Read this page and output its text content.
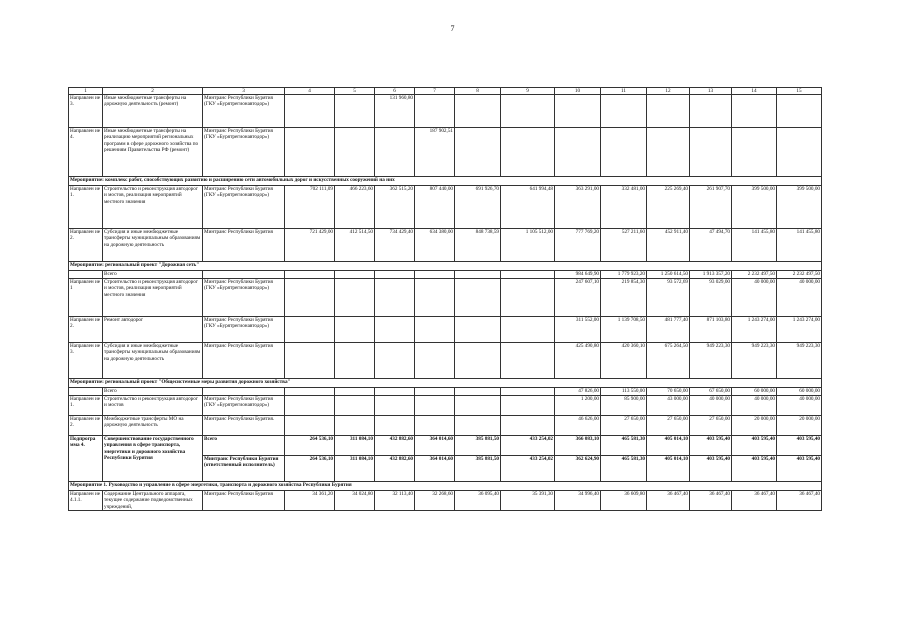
7
1	2	3	4	5	6	7	8	9	10	11	12	13	14	15
Направлен ие 3.	Иные межбюджетные трансферты на дорожную деятельность (ремонт)	Минтранс Республики Бурятия (ГКУ «Бурятрегионавтодор»)			131 960,80									
Направлен ие 4.	Иные межбюджетные трансферты на реализацию мероприятий региональных программ в сфере дорожного хозяйства по решениям Правительства РФ (ремонт)	Минтранс Республики Бурятия (ГКУ «Бурятрегионавтодор»)				187 902,51								
Мероприятие: комплекс работ, способствующих развитию и расширению сети автомобильных дорог и искусственных сооружений на них														
Направлен ие 1.	Строительство и реконструкция автодорог и мостов, реализация мероприятий местного значения	Минтранс Республики Бурятия (ГКУ «Бурятрегионавтодор»)	702 111,09	466 223,60	362 515,20	807 440,00	691 926,70	641 994,48	363 291,00	332 481,00	225 269,40	261 907,70	399 500,00	399 500,00
Направлен ие 2.	Субсидия и иные межбюджетные трансферты муниципальным образованиям на дорожную деятельность	Минтранс Республики Бурятия	721 429,00	412 514,50	734 429,40	634 380,00	848 738,59	1 105 512,00	777 769,20	527 211,60	452 911,40	47 494,70	141 455,80	141 455,80
Мероприятие: региональный проект "Дорожная сеть"														
	Всего								984 649,90	1 779 923,20	1 250 614,50	1 913 357,20	2 232 497,50	2 232 497,50
Направлен ие 1	Строительство и реконструкция автодорог и мостов, реализация мероприятий местного значения	Минтранс Республики Бурятия (ГКУ «Бурятрегионавтодор»)							247 607,10	219 854,30	93 572,69	93 029,00	40 000,00	40 000,00
Направлен ие 2.	Ремонт автодорог	Минтранс Республики Бурятия (ГКУ «Бурятрегионавтодор»)							311 552,00	1 139 708,50	481 777,40	871 103,80	1 243 274,00	1 243 274,00
Направлен ие 3.	Субсидия и иные межбюджетные трансферты муниципальным образованиям на дорожную деятельность	Минтранс Республики Бурятия							425 490,80	420 360,10	675 264,50	949 223,30	949 223,30	949 223,30
Мероприятие: региональный проект "Общесистемные меры развития дорожного хозяйства"														
	Всего								47 826,00	113 550,00	70 650,00	67 650,00	60 000,00	60 000,00
Направлен ие 1.	Строительство и реконструкция автодорог и мостов	Минтранс Республики Бурятия (ГКУ «Бурятрегионавтодор»)							1 200,00	85 900,00	43 000,00	40 000,00	40 000,00	40 000,00
Направлен ие 2.	Межбюджетные трансферты МО на дорожную деятельность	Минтранс Республики Бурятия.							46 626,00	27 650,00	27 650,00	27 650,00	20 000,00	20 000,00
Подпрогра мма 4.	Совершенствование государственного управления в сфере транспорта, энергетики и дорожного хозяйства Республики Бурятия	Всего	264 536,10	311 084,10	432 882,60	364 014,60	385 881,50	433 254,02	366 083,10	465 581,30	405 014,10	403 595,40	403 595,40	403 595,40
		Минтранс Республики Бурятия (ответственный исполнитель)	264 536,10	311 084,10	432 882,60	364 014,60	385 881,50	433 254,02	362 624,90	465 581,30	405 014,10	403 595,40	403 595,40	403 595,40
Мероприятие 1. Руководство и управление в сфере энергетики, транспорта и дорожного хозяйства Республики Бурятия														
Направлен ие 4.1.1.	Содержание Центрального аппарата, текущее содержание подведомственных учреждений,	Минтранс Республики Бурятия	34 361,20	34 024,80	32 113,40	32 268,60	36 095,40	35 391,30	34 996,40	36 609,80	36 467,40	36 467,40	36 467,40	36 467,40
